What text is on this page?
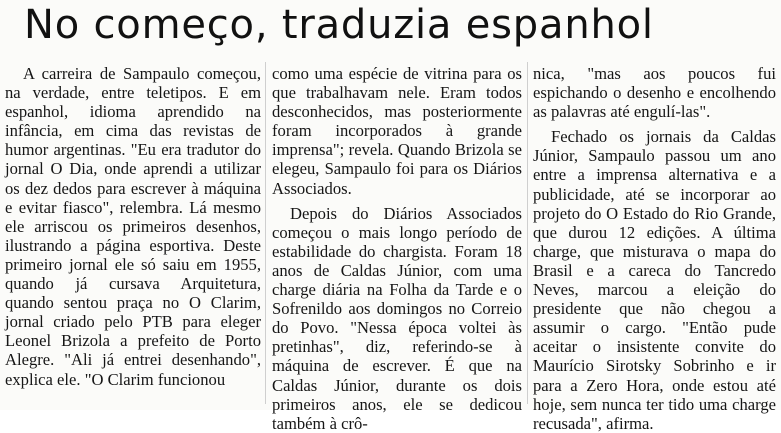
No começo, traduzia espanhol

A carreira de Sampaulo começou, na verdade, entre teletipos. E em espanhol, idioma aprendido na infância, em cima das revistas de humor argentinas. "Eu era tradutor do jornal O Dia, onde aprendi a utilizar os dez dedos para escrever à máquina e evitar fiasco", relembra. Lá mesmo ele arriscou os primeiros desenhos, ilustrando a página esportiva. Deste primeiro jornal ele só saiu em 1955, quando já cursava Arquitetura, quando sentou praça no O Clarim, jornal criado pelo PTB para eleger Leonel Brizola a prefeito de Porto Alegre. "Ali já entrei desenhando", explica ele. "O Clarim funcionou

como uma espécie de vitrina para os que trabalhavam nele. Eram todos desconhecidos, mas posteriormente foram incorporados à grande imprensa"; revela. Quando Brizola se elegeu, Sampaulo foi para os Diários Associados.

Depois do Diários Associados começou o mais longo período de estabilidade do chargista. Foram 18 anos de Caldas Júnior, com uma charge diária na Folha da Tarde e o Sofrenildo aos domingos no Correio do Povo. "Nessa época voltei às pretinhas", diz, referindo-se à máquina de escrever. É que na Caldas Júnior, durante os dois primeiros anos, ele se dedicou também à crô-

nica, "mas aos poucos fui espichando o desenho e encolhendo as palavras até engulí-las".

Fechado os jornais da Caldas Júnior, Sampaulo passou um ano entre a imprensa alternativa e a publicidade, até se incorporar ao projeto do O Estado do Rio Grande, que durou 12 edições. A última charge, que misturava o mapa do Brasil e a careca do Tancredo Neves, marcou a eleição do presidente que não chegou a assumir o cargo. "Então pude aceitar o insistente convite do Maurício Sirotsky Sobrinho e ir para a Zero Hora, onde estou até hoje, sem nunca ter tido uma charge recusada", afirma.
